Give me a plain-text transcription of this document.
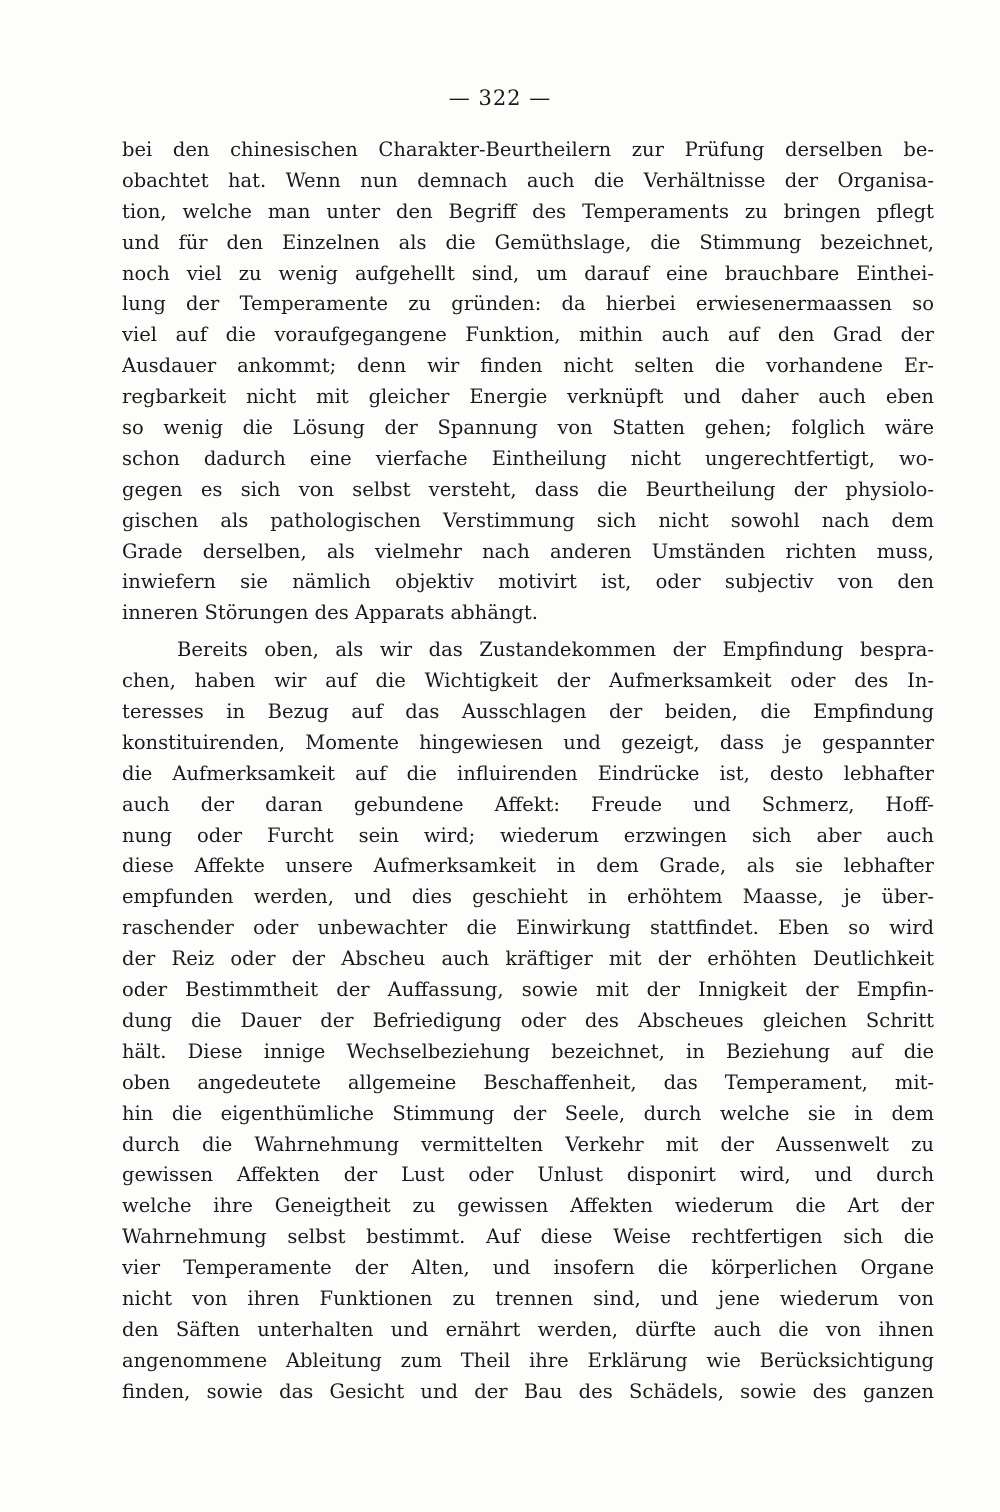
— 322 —
bei den chinesischen Charakter-Beurtheilern zur Prüfung derselben be-
obachtet hat. Wenn nun demnach auch die Verhältnisse der Organisa-
tion, welche man unter den Begriff des Temperaments zu bringen pflegt
und für den Einzelnen als die Gemüthslage, die Stimmung bezeichnet,
noch viel zu wenig aufgehellt sind, um darauf eine brauchbare Einthei-
lung der Temperamente zu gründen: da hierbei erwiesenermaassen so
viel auf die voraufgegangene Funktion, mithin auch auf den Grad der
Ausdauer ankommt; denn wir finden nicht selten die vorhandene Er-
regbarkeit nicht mit gleicher Energie verknüpft und daher auch eben
so wenig die Lösung der Spannung von Statten gehen; folglich wäre
schon dadurch eine vierfache Eintheilung nicht ungerechtfertigt, wo-
gegen es sich von selbst versteht, dass die Beurtheilung der physiolo-
gischen als pathologischen Verstimmung sich nicht sowohl nach dem
Grade derselben, als vielmehr nach anderen Umständen richten muss,
inwiefern sie nämlich objektiv motivirt ist, oder subjectiv von den
inneren Störungen des Apparats abhängt.
Bereits oben, als wir das Zustandekommen der Empfindung bespra-
chen, haben wir auf die Wichtigkeit der Aufmerksamkeit oder des In-
teresses in Bezug auf das Ausschlagen der beiden, die Empfindung
konstituirenden, Momente hingewiesen und gezeigt, dass je gespannter
die Aufmerksamkeit auf die influirenden Eindrücke ist, desto lebhafter
auch der daran gebundene Affekt: Freude und Schmerz, Hoff-
nung oder Furcht sein wird; wiederum erzwingen sich aber auch
diese Affekte unsere Aufmerksamkeit in dem Grade, als sie lebhafter
empfunden werden, und dies geschieht in erhöhtem Maasse, je über-
raschender oder unbewachter die Einwirkung stattfindet. Eben so wird
der Reiz oder der Abscheu auch kräftiger mit der erhöhten Deutlichkeit
oder Bestimmtheit der Auffassung, sowie mit der Innigkeit der Empfin-
dung die Dauer der Befriedigung oder des Abscheues gleichen Schritt
hält. Diese innige Wechselbeziehung bezeichnet, in Beziehung auf die
oben angedeutete allgemeine Beschaffenheit, das Temperament, mit-
hin die eigenthümliche Stimmung der Seele, durch welche sie in dem
durch die Wahrnehmung vermittelten Verkehr mit der Aussenwelt zu
gewissen Affekten der Lust oder Unlust disponirt wird, und durch
welche ihre Geneigtheit zu gewissen Affekten wiederum die Art der
Wahrnehmung selbst bestimmt. Auf diese Weise rechtfertigen sich die
vier Temperamente der Alten, und insofern die körperlichen Organe
nicht von ihren Funktionen zu trennen sind, und jene wiederum von
den Säften unterhalten und ernährt werden, dürfte auch die von ihnen
angenommene Ableitung zum Theil ihre Erklärung wie Berücksichtigung
finden, sowie das Gesicht und der Bau des Schädels, sowie des ganzen
